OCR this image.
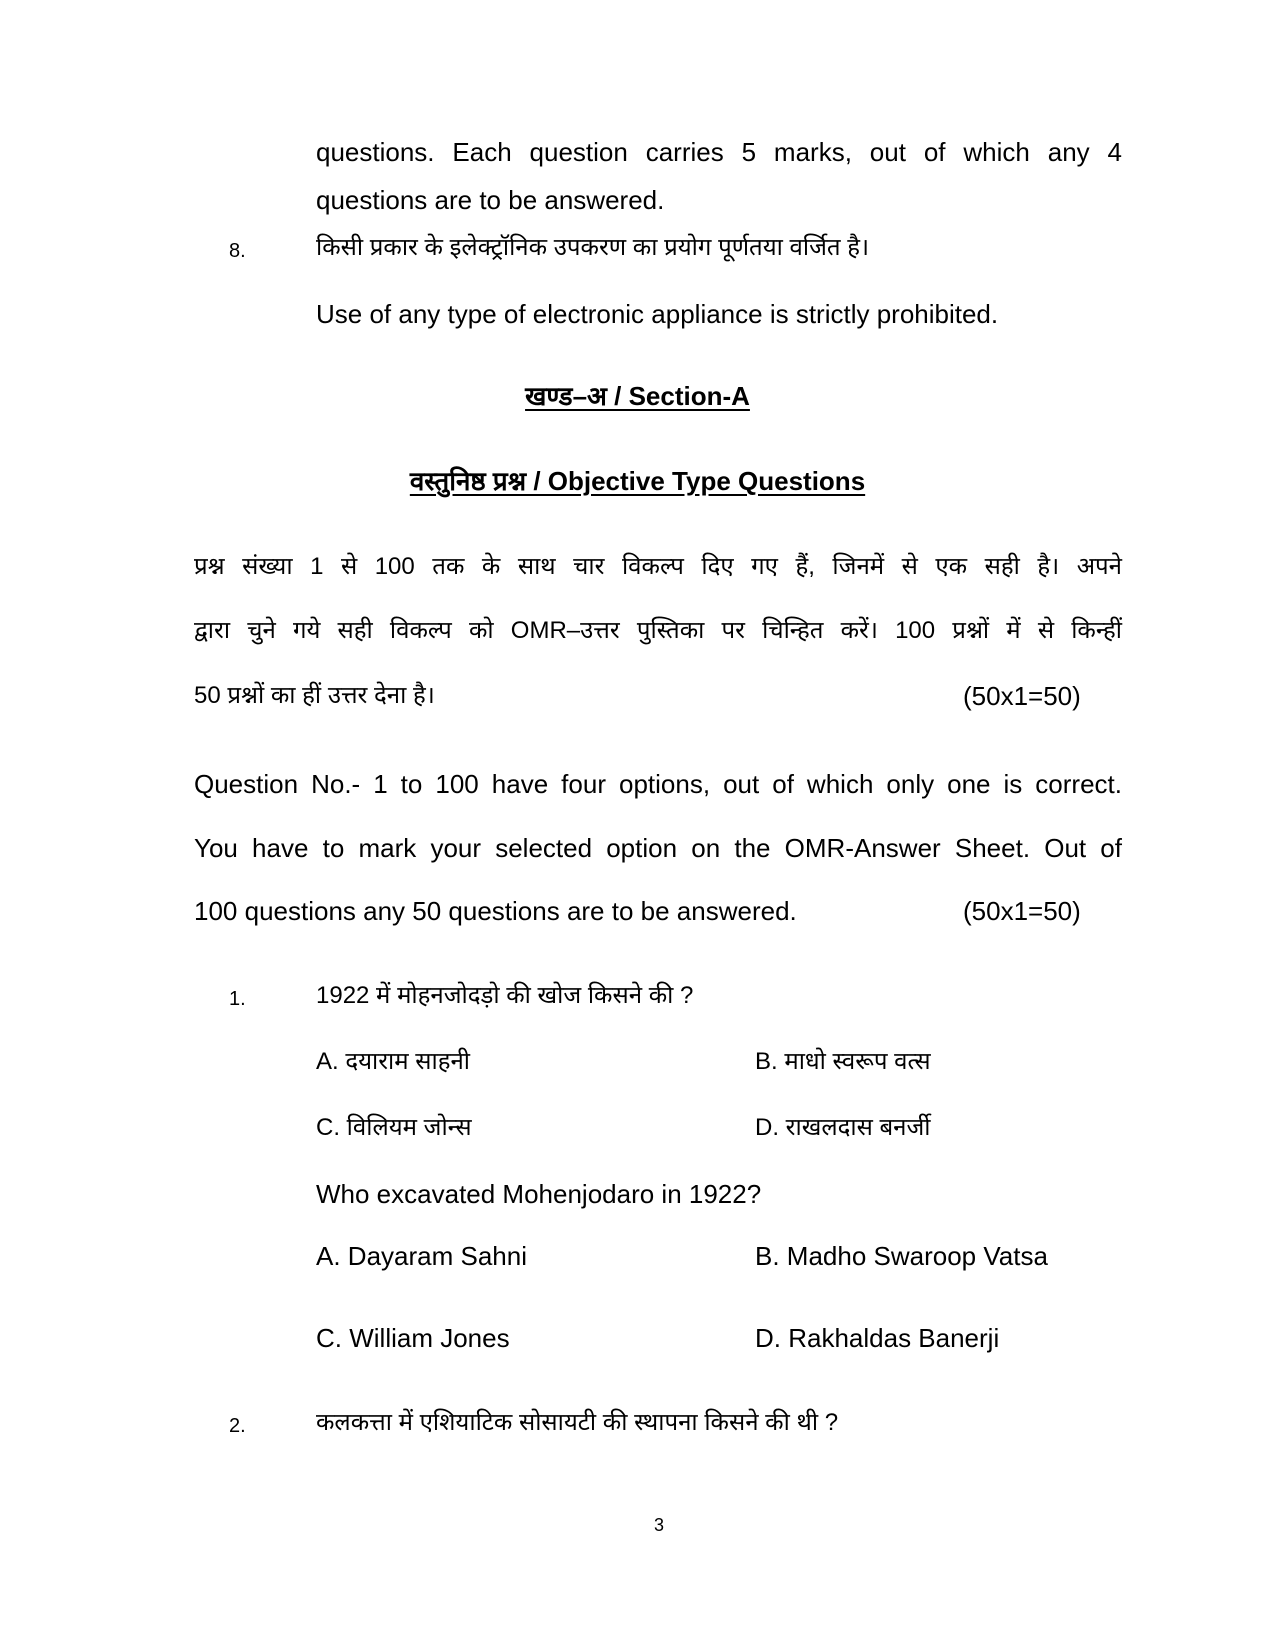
questions. Each question carries 5 marks, out of which any 4
questions are to be answered.
8.	किसी प्रकार के इलेक्ट्रॉनिक उपकरण का प्रयोग पूर्णतया वर्जित है।
Use of any type of electronic appliance is strictly prohibited.
खण्ड–अ / Section-A
वस्तुनिष्ठ प्रश्न / Objective Type Questions
प्रश्न संख्या 1 से 100 तक के साथ चार विकल्प दिए गए हैं, जिनमें से एक सही है। अपने
द्वारा चुने गये सही विकल्प को OMR–उत्तर पुस्तिका पर चिन्हित करें। 100 प्रश्नों में से किन्हीं
50 प्रश्नों का हीं उत्तर देना है।	(50x1=50)
Question No.- 1 to 100 have four options, out of which only one is correct.
You have to mark your selected option on the OMR-Answer Sheet. Out of
100 questions any 50 questions are to be answered.	(50x1=50)
1.	1922 में मोहनजोदड़ो की खोज किसने की ?
A. दयाराम साहनी	B. माधो स्वरूप वत्स
C. विलियम जोन्स	D. राखलदास बनर्जी
Who excavated Mohenjodaro in 1922?
A. Dayaram Sahni	B. Madho Swaroop Vatsa
C. William Jones	D. Rakhaldas Banerji
2.	कलकत्ता में एशियाटिक सोसायटी की स्थापना किसने की थी ?
3
